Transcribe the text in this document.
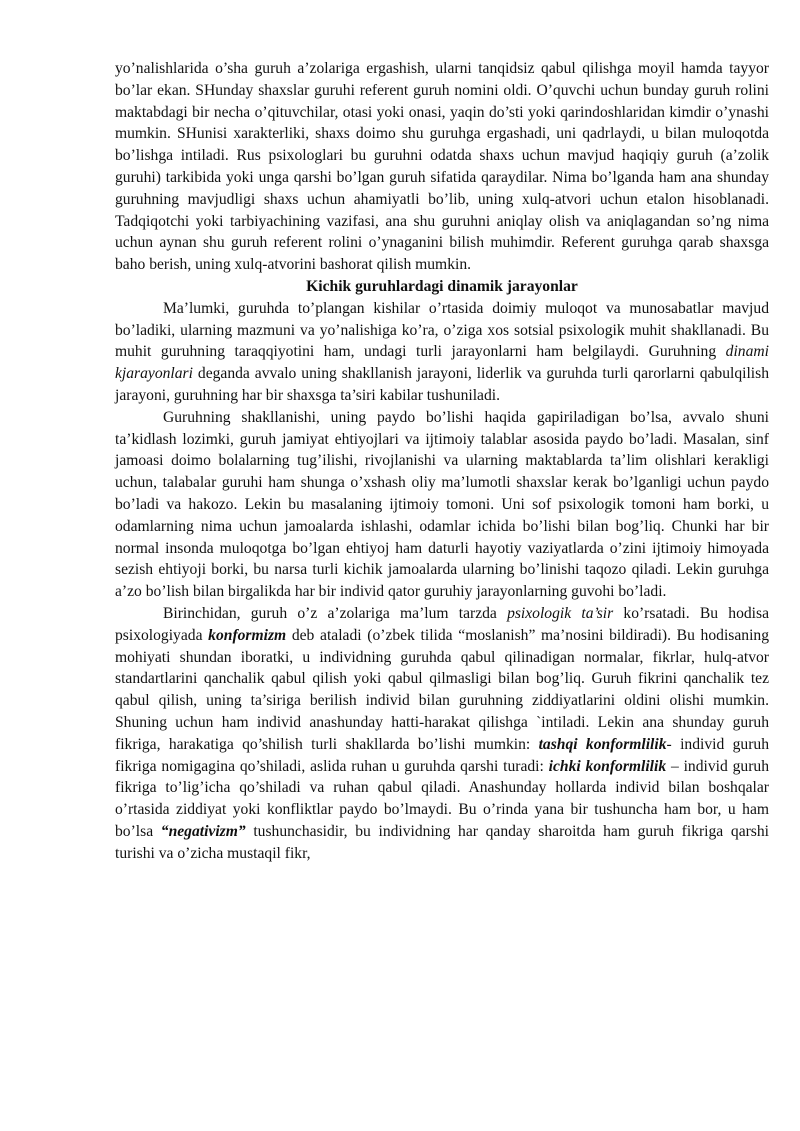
yo’nalishlarida o’sha guruh a’zolariga ergashish, ularni tanqidsiz qabul qilishga moyil hamda tayyor bo’lar ekan. SHunday shaxslar guruhi referent guruh nomini oldi. O’quvchi uchun bunday guruh rolini maktabdagi bir necha o’qituvchilar, otasi yoki onasi, yaqin do’sti yoki qarindoshlaridan kimdir o’ynashi mumkin. SHunisi xarakterliki, shaxs doimo shu guruhga ergashadi, uni qadrlaydi, u bilan muloqotda bo’lishga intiladi. Rus psixologlari bu guruhni odatda shaxs uchun mavjud haqiqiy guruh (a’zolik guruhi) tarkibida yoki unga qarshi bo’lgan guruh sifatida qaraydilar. Nima bo’lganda ham ana shunday guruhning mavjudligi shaxs uchun ahamiyatli bo’lib, uning xulq-atvori uchun etalon hisoblanadi. Tadqiqotchi yoki tarbiyachining vazifasi, ana shu guruhni aniqlay olish va aniqlagandan so’ng nima uchun aynan shu guruh referent rolini o’ynaganini bilish muhimdir. Referent guruhga qarab shaxsga baho berish, uning xulq-atvorini bashorat qilish mumkin.

Kichik guruhlardagi dinamik jarayonlar

Ma’lumki, guruhda to’plangan kishilar o’rtasida doimiy muloqot va munosabatlar mavjud bo’ladiki, ularning mazmuni va yo’nalishiga ko’ra, o’ziga xos sotsial psixologik muhit shakllanadi. Bu muhit guruhning taraqqiyotini ham, undagi turli jarayonlarni ham belgilaydi. Guruhning dinami kjarayonlari deganda avvalo uning shakllanish jarayoni, liderlik va guruhda turli qarorlarni qabulqilish jarayoni, guruhning har bir shaxsga ta’siri kabilar tushuniladi.

Guruhning shakllanishi, uning paydo bo’lishi haqida gapiriladigan bo’lsa, avvalo shuni ta’kidlash lozimki, guruh jamiyat ehtiyojlari va ijtimoiy talablar asosida paydo bo’ladi. Masalan, sinf jamoasi doimo bolalarning tug’ilishi, rivojlanishi va ularning maktablarda ta’lim olishlari kerakligi uchun, talabalar guruhi ham shunga o’xshash oliy ma’lumotli shaxslar kerak bo’lganligi uchun paydo bo’ladi va hakozo. Lekin bu masalaning ijtimoiy tomoni. Uni sof psixologik tomoni ham borki, u odamlarning nima uchun jamoalarda ishlashi, odamlar ichida bo’lishi bilan bog’liq. Chunki har bir normal insonda muloqotga bo’lgan ehtiyoj ham daturli hayotiy vaziyatlarda o’zini ijtimoiy himoyada sezish ehtiyoji borki, bu narsa turli kichik jamoalarda ularning bo’linishi taqozo qiladi. Lekin guruhga a’zo bo’lish bilan birgalikda har bir individ qator guruhiy jarayonlarning guvohi bo’ladi.

Birinchidan, guruh o’z a’zolariga ma’lum tarzda psixologik ta’sir ko’rsatadi. Bu hodisa psixologiyada konformizm deb ataladi (o’zbek tilida “moslanish” ma’nosini bildiradi). Bu hodisaning mohiyati shundan iboratki, u individning guruhda qabul qilinadigan normalar, fikrlar, hulq-atvor standartlarini qanchalik qabul qilish yoki qabul qilmasligi bilan bog’liq. Guruh fikrini qanchalik tez qabul qilish, uning ta’siriga berilish individ bilan guruhning ziddiyatlarini oldini olishi mumkin. Shuning uchun ham individ anashunday hatti-harakat qilishga `intiladi. Lekin ana shunday guruh fikriga, harakatiga qo’shilish turli shakllarda bo’lishi mumkin: tashqi konformlilik- individ guruh fikriga nomigagina qo’shiladi, aslida ruhan u guruhda qarshi turadi: ichki konformlilik – individ guruh fikriga to’lig’icha qo’shiladi va ruhan qabul qiladi. Anashunday hollarda individ bilan boshqalar o’rtasida ziddiyat yoki konfliktlar paydo bo’lmaydi. Bu o’rinda yana bir tushuncha ham bor, u ham bo’lsa “negativizm” tushunchasidir, bu individning har qanday sharoitda ham guruh fikriga qarshi turishi va o’zicha mustaqil fikr,
